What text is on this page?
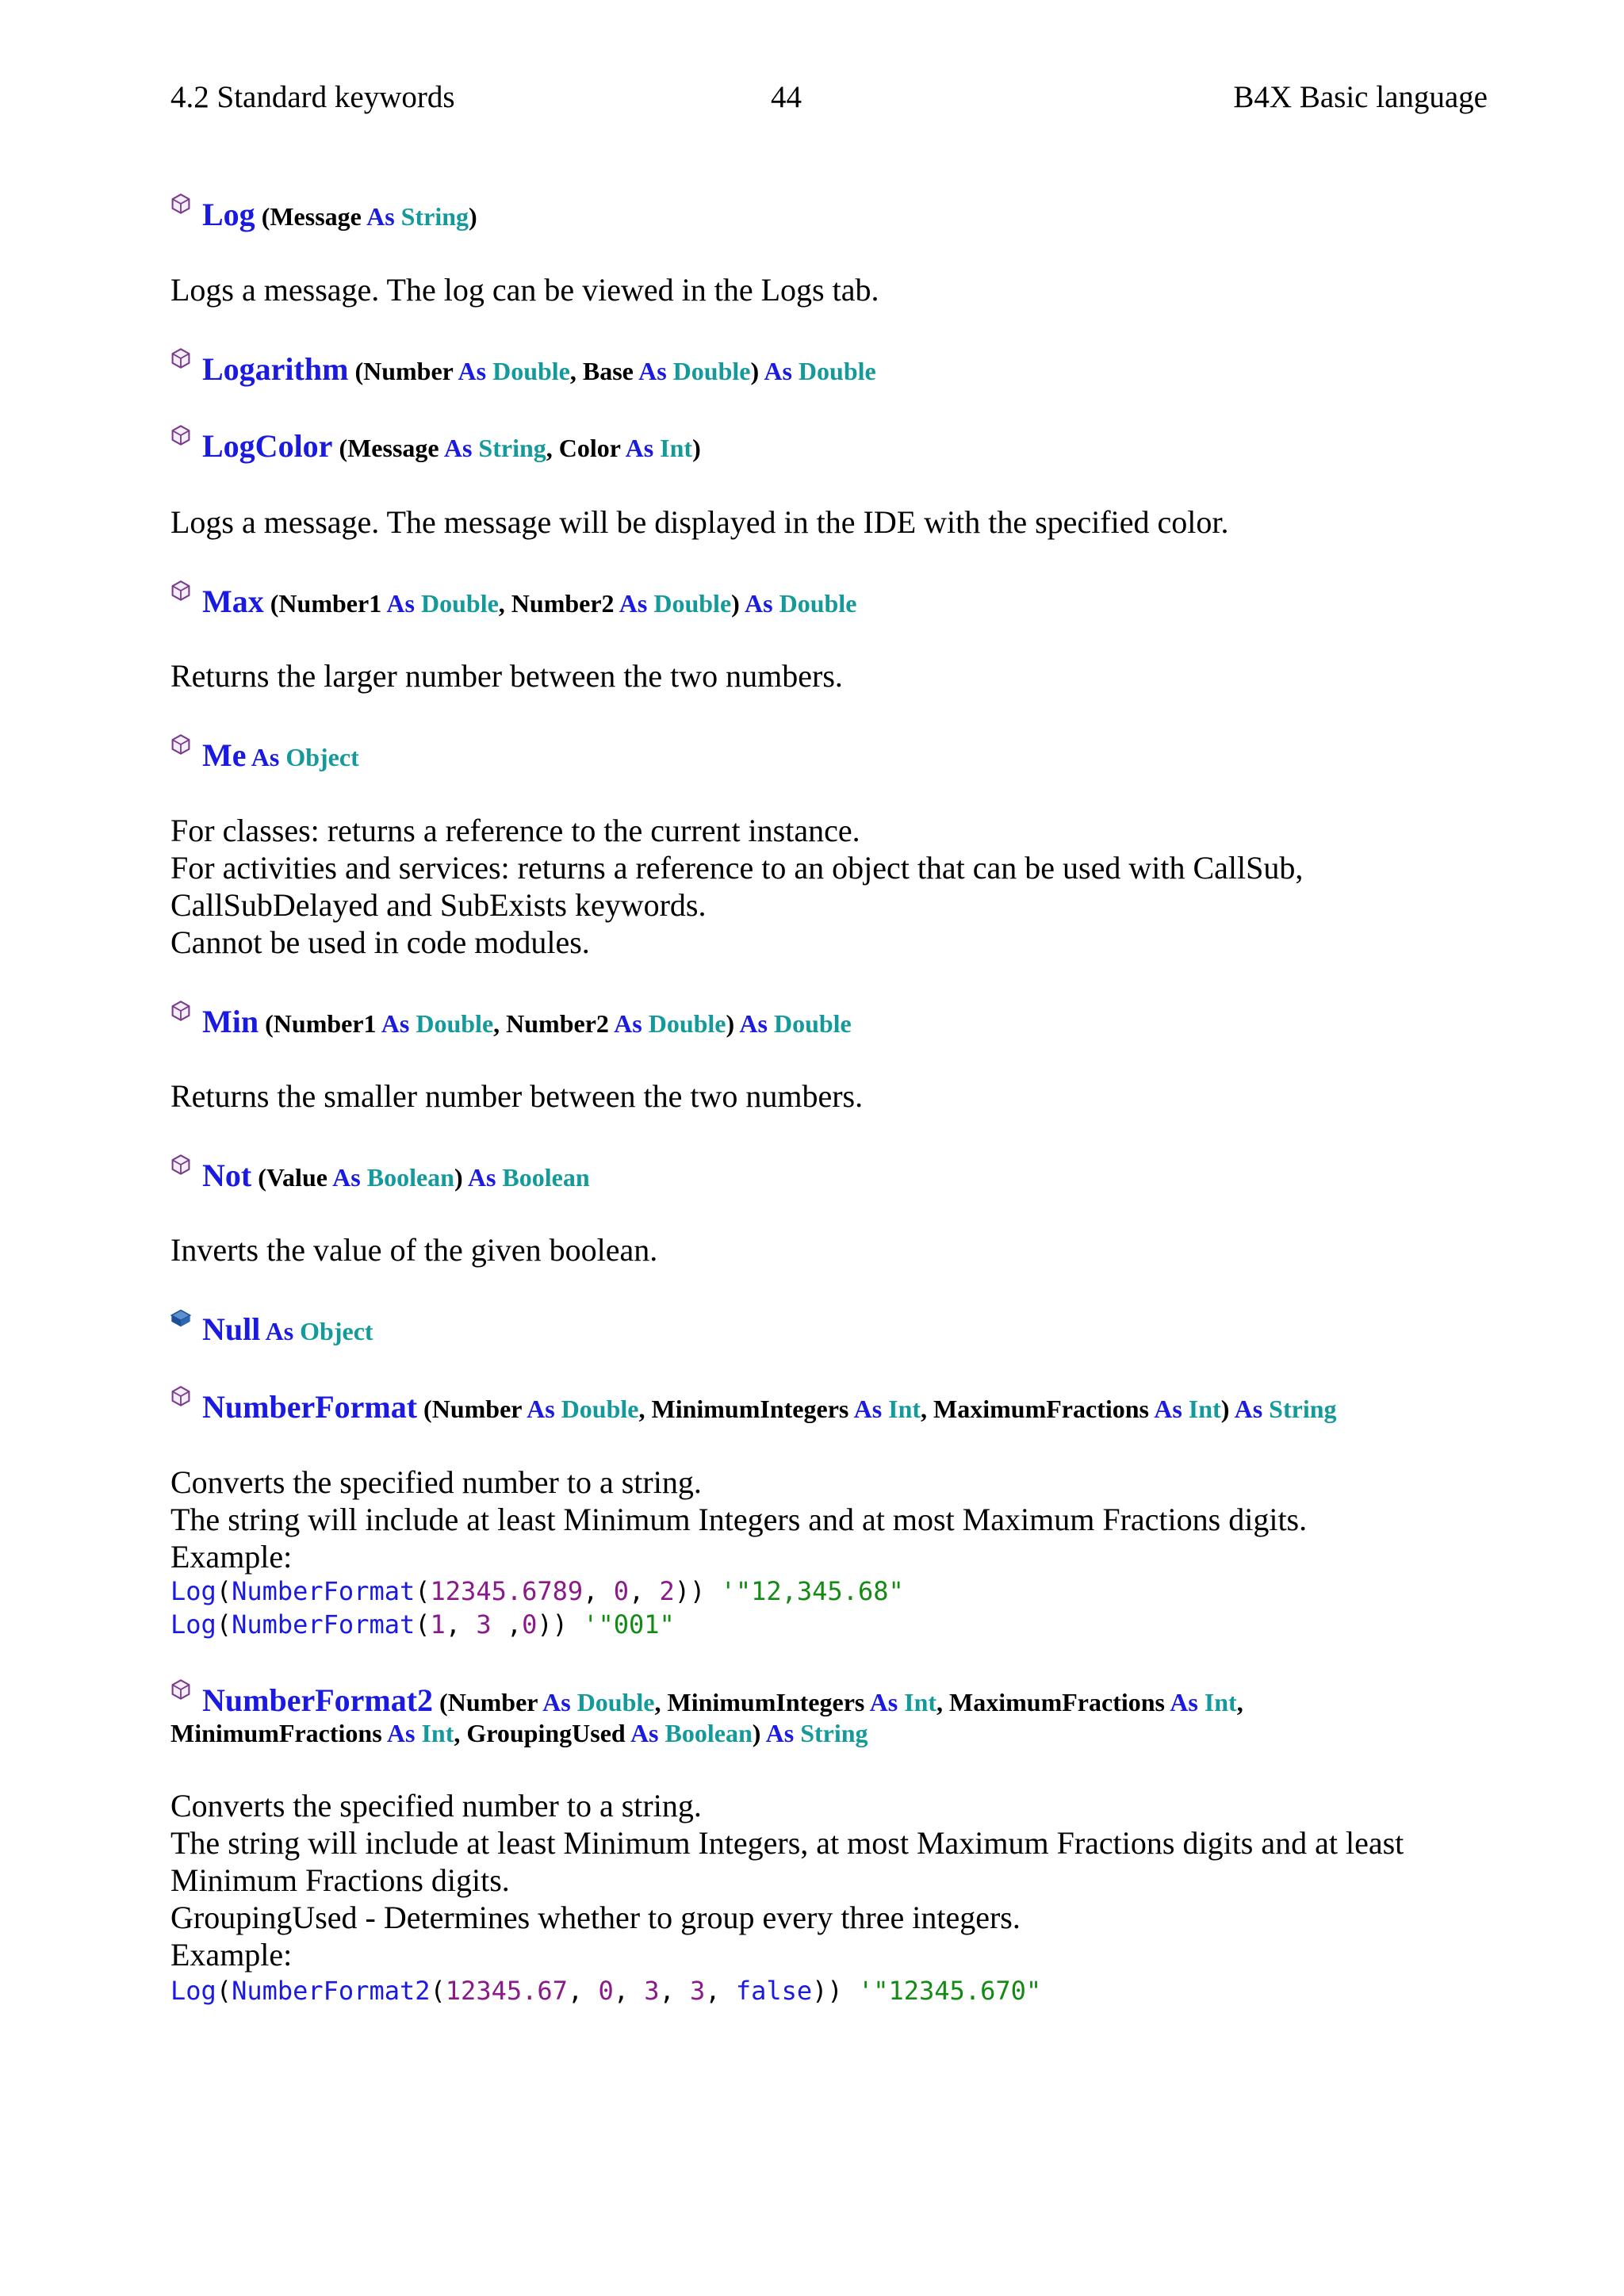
4.2 Standard keywords	44	B4X Basic language
Log (Message As String)
Logs a message. The log can be viewed in the Logs tab.
Logarithm (Number As Double, Base As Double) As Double
LogColor (Message As String, Color As Int)
Logs a message. The message will be displayed in the IDE with the specified color.
Max (Number1 As Double, Number2 As Double) As Double
Returns the larger number between the two numbers.
Me As Object
For classes: returns a reference to the current instance.
For activities and services: returns a reference to an object that can be used with CallSub,
CallSubDelayed and SubExists keywords.
Cannot be used in code modules.
Min (Number1 As Double, Number2 As Double) As Double
Returns the smaller number between the two numbers.
Not (Value As Boolean) As Boolean
Inverts the value of the given boolean.
Null As Object
NumberFormat (Number As Double, MinimumIntegers As Int, MaximumFractions As Int) As String
Converts the specified number to a string.
The string will include at least Minimum Integers and at most Maximum Fractions digits.
Example:
Log(NumberFormat(12345.6789, 0, 2)) '"12,345.68"
Log(NumberFormat(1, 3 ,0)) '"001"
NumberFormat2 (Number As Double, MinimumIntegers As Int, MaximumFractions As Int,
MinimumFractions As Int, GroupingUsed As Boolean) As String
Converts the specified number to a string.
The string will include at least Minimum Integers, at most Maximum Fractions digits and at least
Minimum Fractions digits.
GroupingUsed - Determines whether to group every three integers.
Example:
Log(NumberFormat2(12345.67, 0, 3, 3, false)) '"12345.670"
